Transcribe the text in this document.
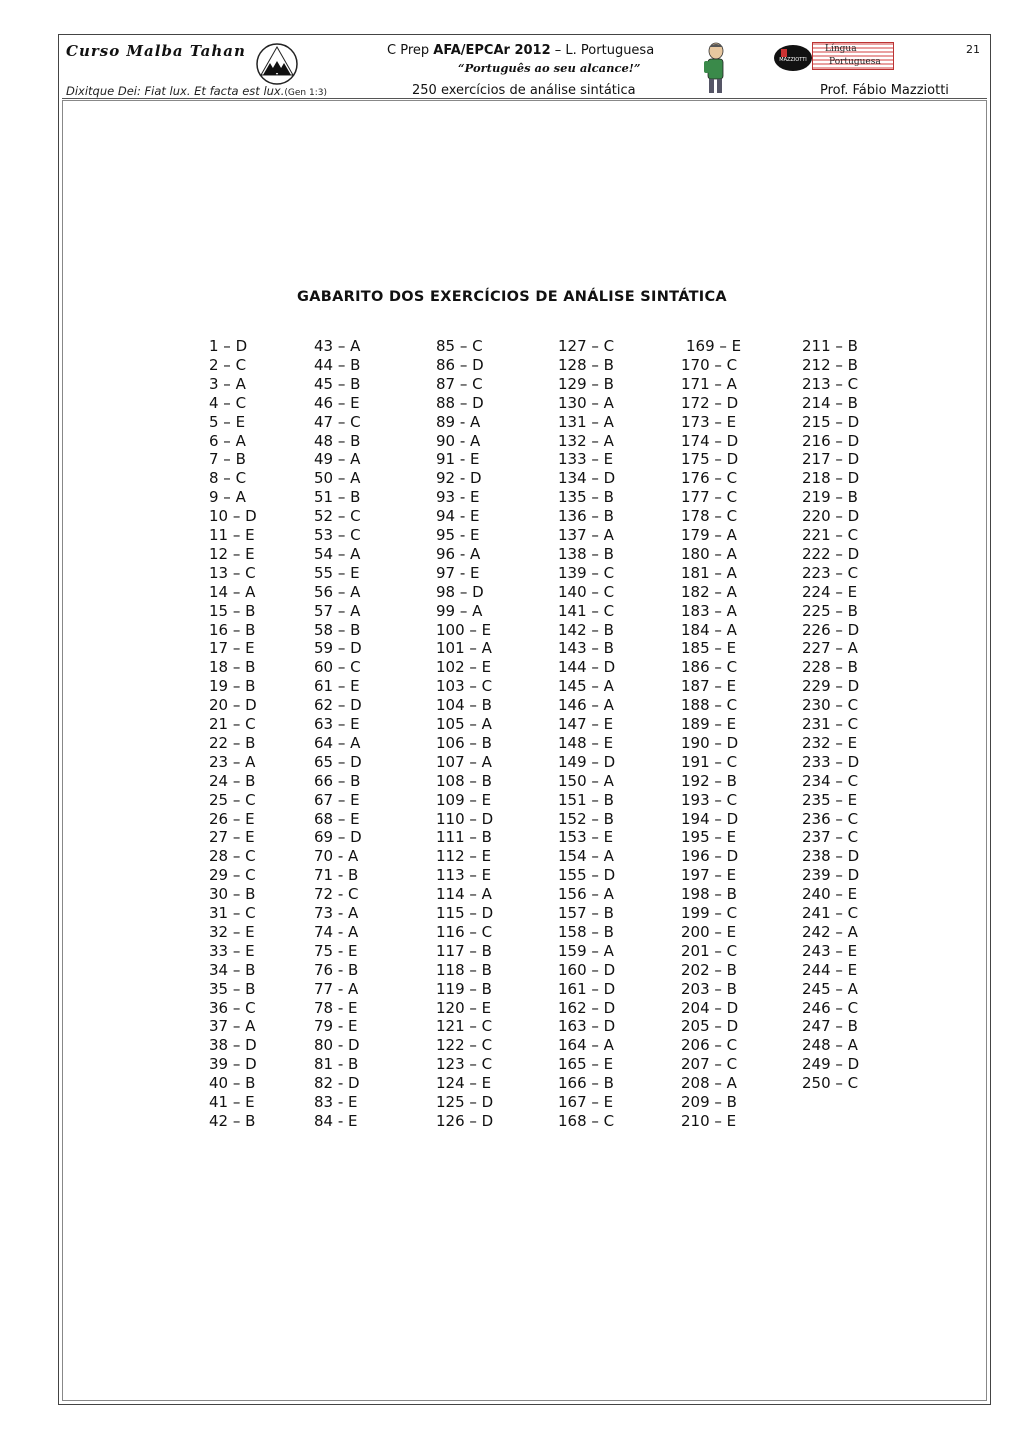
Curso Malba Tahan
Dixitque Dei: Fiat lux. Et facta est lux.(Gen 1:3)
C Prep AFA/EPCAr 2012 – L. Portuguesa
“Português ao seu alcance!”
250 exercícios de análise sintática
MAZZIOTTI
Língua
Portuguesa
21
Prof. Fábio Mazziotti
GABARITO DOS EXERCÍCIOS DE ANÁLISE SINTÁTICA
1 – D
2 – C
3 – A
4 – C
5 – E
6 – A
7 – B
8 – C
9 – A
10 – D
11 – E
12 – E
13 – C
14 – A
15 – B
16 – B
17 – E
18 – B
19 – B
20 – D
21 – C
22 – B
23 – A
24 – B
25 – C
26 – E
27 – E
28 – C
29 – C
30 – B
31 – C
32 – E
33 – E
34 – B
35 – B
36 – C
37 – A
38 – D
39 – D
40 – B
41 – E
42 – B
43 – A
44 – B
45 – B
46 – E
47 – C
48 – B
49 – A
50 – A
51 – B
52 – C
53 – C
54 – A
55 – E
56 – A
57 – A
58 – B
59 – D
60 – C
61 – E
62 – D
63 – E
64 – A
65 – D
66 – B
67 – E
68 – E
69 – D
70 - A
71 - B
72 - C
73 - A
74 - A
75 - E
76 - B
77 - A
78 - E
79 - E
80 - D
81 - B
82 - D
83 - E
84 - E
85 – C
86 – D
87 – C
88 – D
89 - A
90 - A
91 - E
92 - D
93 - E
94 - E
95 - E
96 - A
97 - E
98 – D
99 – A
100 – E
101 – A
102 – E
103 – C
104 – B
105 – A
106 – B
107 – A
108 – B
109 – E
110 – D
111 – B
112 – E
113 – E
114 – A
115 – D
116 – C
117 – B
118 – B
119 – B
120 – E
121 – C
122 – C
123 – C
124 – E
125 – D
126 – D
127 – C
128 – B
129 – B
130 – A
131 – A
132 – A
133 – E
134 – D
135 – B
136 – B
137 – A
138 – B
139 – C
140 – C
141 – C
142 – B
143 – B
144 – D
145 – A
146 – A
147 – E
148 – E
149 – D
150 – A
151 – B
152 – B
153 – E
154 – A
155 – D
156 – A
157 – B
158 – B
159 – A
160 – D
161 – D
162 – D
163 – D
164 – A
165 – E
166 – B
167 – E
168 – C
169 – E
170 – C
171 – A
172 – D
173 – E
174 – D
175 – D
176 – C
177 – C
178 – C
179 – A
180 – A
181 – A
182 – A
183 – A
184 – A
185 – E
186 – C
187 – E
188 – C
189 – E
190 – D
191 – C
192 – B
193 – C
194 – D
195 – E
196 – D
197 – E
198 – B
199 – C
200 – E
201 – C
202 – B
203 – B
204 – D
205 – D
206 – C
207 – C
208 – A
209 – B
210 – E
211 – B
212 – B
213 – C
214 – B
215 – D
216 – D
217 – D
218 – D
219 – B
220 – D
221 – C
222 – D
223 – C
224 – E
225 – B
226 – D
227 – A
228 – B
229 – D
230 – C
231 – C
232 – E
233 – D
234 – C
235 – E
236 – C
237 – C
238 – D
239 – D
240 – E
241 – C
242 – A
243 – E
244 – E
245 – A
246 – C
247 – B
248 – A
249 – D
250 – C
